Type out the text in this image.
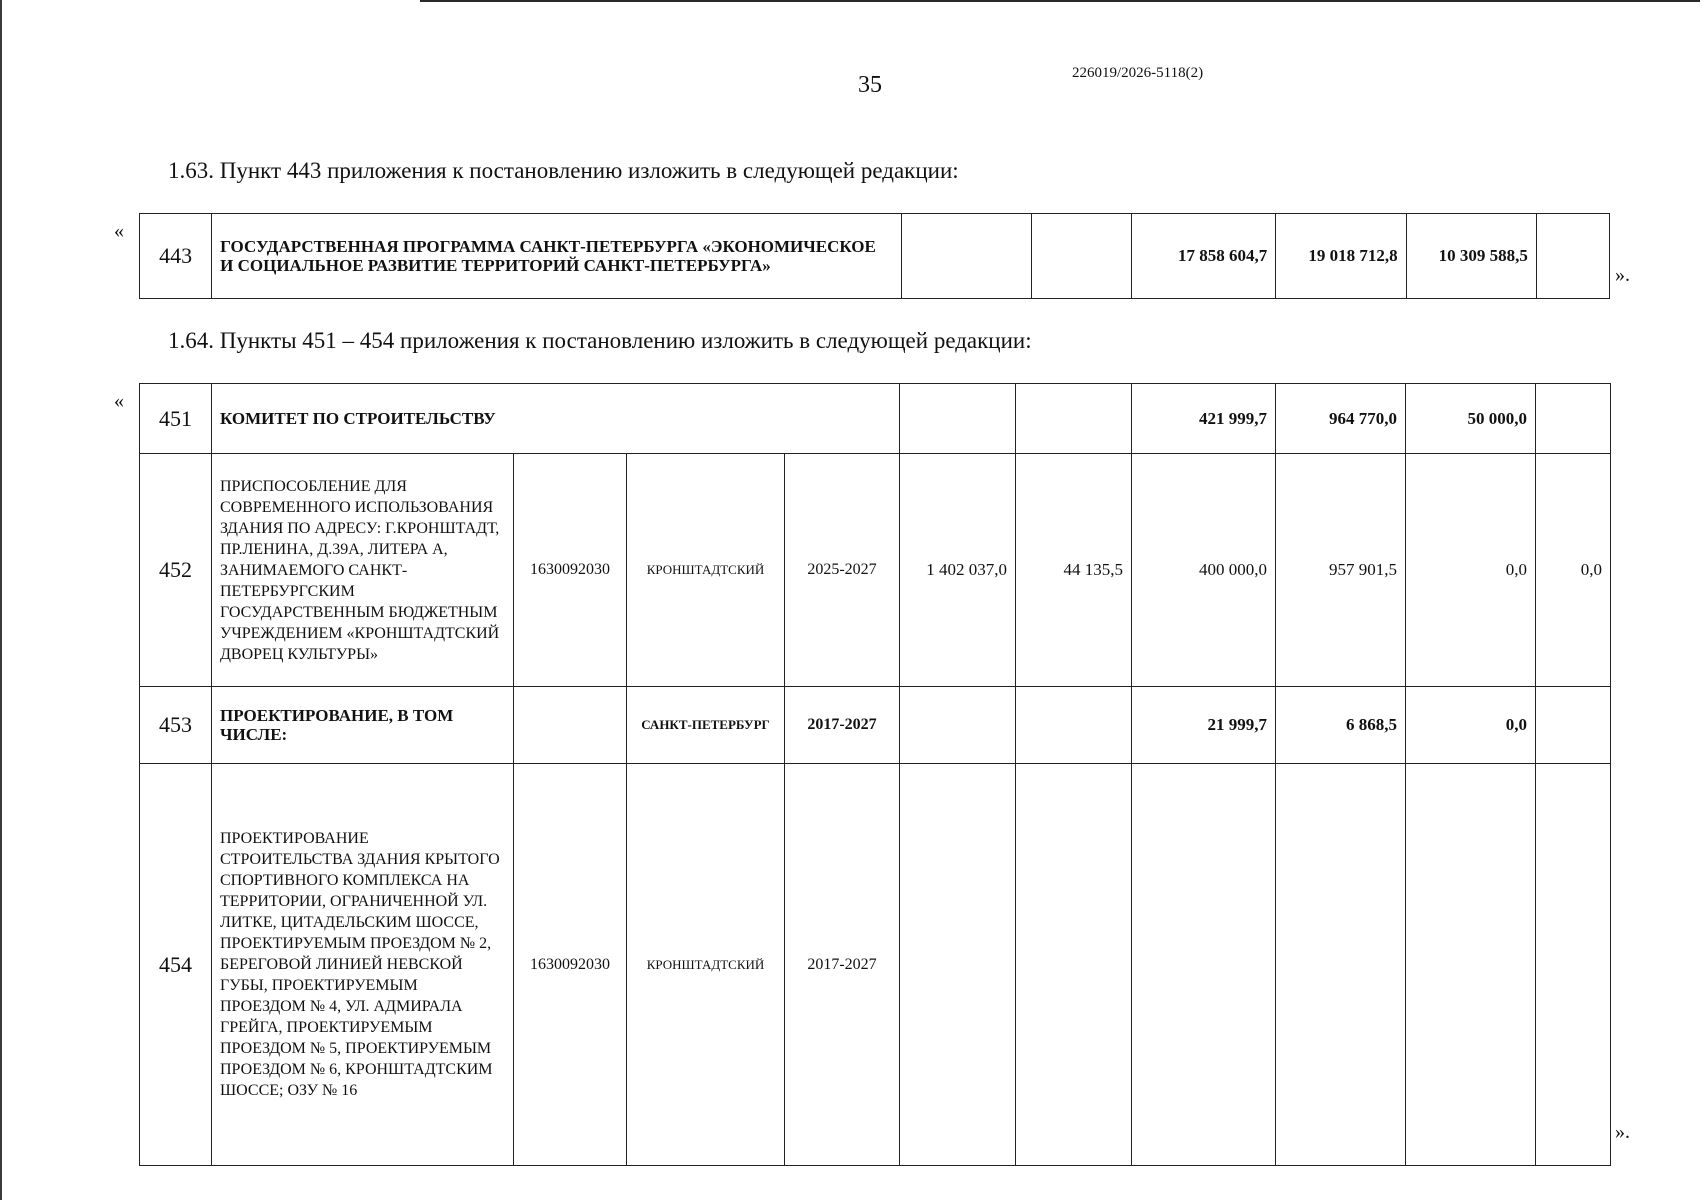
35	226019/2026-5118(2)
1.63. Пункт 443 приложения к постановлению изложить в следующей редакции:
«
443	ГОСУДАРСТВЕННАЯ ПРОГРАММА САНКТ-ПЕТЕРБУРГА «ЭКОНОМИЧЕСКОЕ И СОЦИАЛЬНОЕ РАЗВИТИЕ ТЕРРИТОРИЙ САНКТ-ПЕТЕРБУРГА»			17 858 604,7	19 018 712,8	10 309 588,5	
».
1.64. Пункты 451 – 454 приложения к постановлению изложить в следующей редакции:
«
451	КОМИТЕТ ПО СТРОИТЕЛЬСТВУ						421 999,7	964 770,0	50 000,0	
452	ПРИСПОСОБЛЕНИЕ ДЛЯ СОВРЕМЕННОГО ИСПОЛЬЗОВАНИЯ ЗДАНИЯ ПО АДРЕСУ: Г.КРОНШТАДТ, ПР.ЛЕНИНА, Д.39А, ЛИТЕРА А, ЗАНИМАЕМОГО САНКТ-ПЕТЕРБУРГСКИМ ГОСУДАРСТВЕННЫМ БЮДЖЕТНЫМ УЧРЕЖДЕНИЕМ «КРОНШТАДТСКИЙ ДВОРЕЦ КУЛЬТУРЫ»	1630092030	КРОНШТАДТСКИЙ	2025-2027	1 402 037,0	44 135,5	400 000,0	957 901,5	0,0	0,0
453	ПРОЕКТИРОВАНИЕ, В ТОМ ЧИСЛЕ:		САНКТ-ПЕТЕРБУРГ	2017-2027			21 999,7	6 868,5	0,0	
454	ПРОЕКТИРОВАНИЕ СТРОИТЕЛЬСТВА ЗДАНИЯ КРЫТОГО СПОРТИВНОГО КОМПЛЕКСА НА ТЕРРИТОРИИ, ОГРАНИЧЕННОЙ УЛ. ЛИТКЕ, ЦИТАДЕЛЬСКИМ ШОССЕ, ПРОЕКТИРУЕМЫМ ПРОЕЗДОМ № 2, БЕРЕГОВОЙ ЛИНИЕЙ НЕВСКОЙ ГУБЫ, ПРОЕКТИРУЕМЫМ ПРОЕЗДОМ № 4, УЛ. АДМИРАЛА ГРЕЙГА, ПРОЕКТИРУЕМЫМ ПРОЕЗДОМ № 5, ПРОЕКТИРУЕМЫМ ПРОЕЗДОМ № 6, КРОНШТАДТСКИМ ШОССЕ; ОЗУ № 16	1630092030	КРОНШТАДТСКИЙ	2017-2027						
».
